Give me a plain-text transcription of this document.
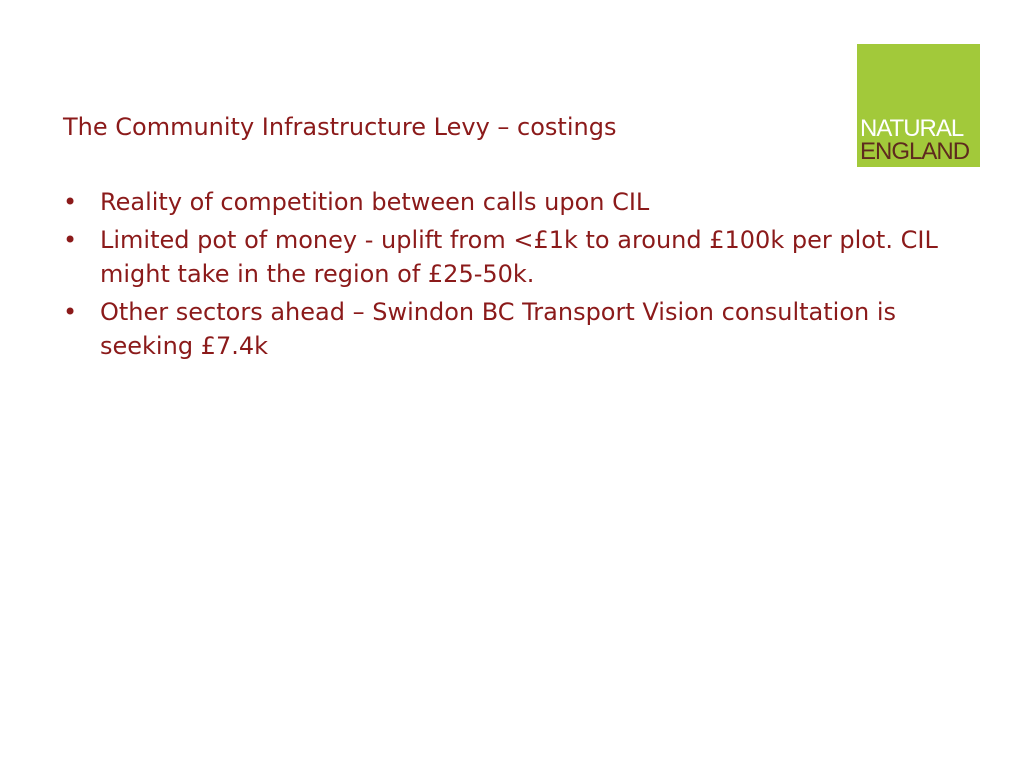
NATURAL
ENGLAND
The Community Infrastructure Levy – costings
• Reality of competition between calls upon CIL
• Limited pot of money - uplift from <£1k to around £100k per plot. CIL might take in the region of £25-50k.
• Other sectors ahead – Swindon BC Transport Vision consultation is seeking £7.4k
